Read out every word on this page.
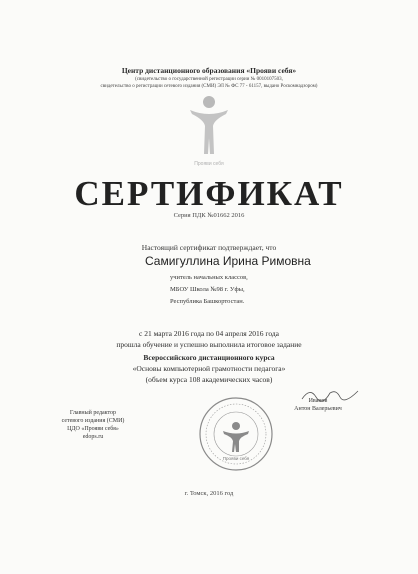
Центр дистанционного образования «Прояви себя»
(свидетельство о государственной регистрации серии № 0010107503,
свидетельство о регистрации сетевого издания (СМИ) ЭЛ № ФС 77 - 61157, выдано Роскомнадзором)
Прояви себя
СЕРТИФИКАТ
Серия ПДК №01662 2016
Настоящий сертификат подтверждает, что
Самигуллина Ирина Римовна
учитель начальных классов,
МБОУ Школа №98 г. Уфы,
Республика Башкортостан.
с 21 марта 2016 года по 04 апреля 2016 года
прошла обучение и успешно выполнила итоговое задание
Всероссийского дистанционного курса
«Основы компьютерной грамотности педагога»
(объем курса 108 академических часов)
Главный редактор
сетевого издания (СМИ)
ЦДО «Прояви себя»
edops.ru
Иванов
Антон Валерьевич
Прояви себя
г. Томск, 2016 год
